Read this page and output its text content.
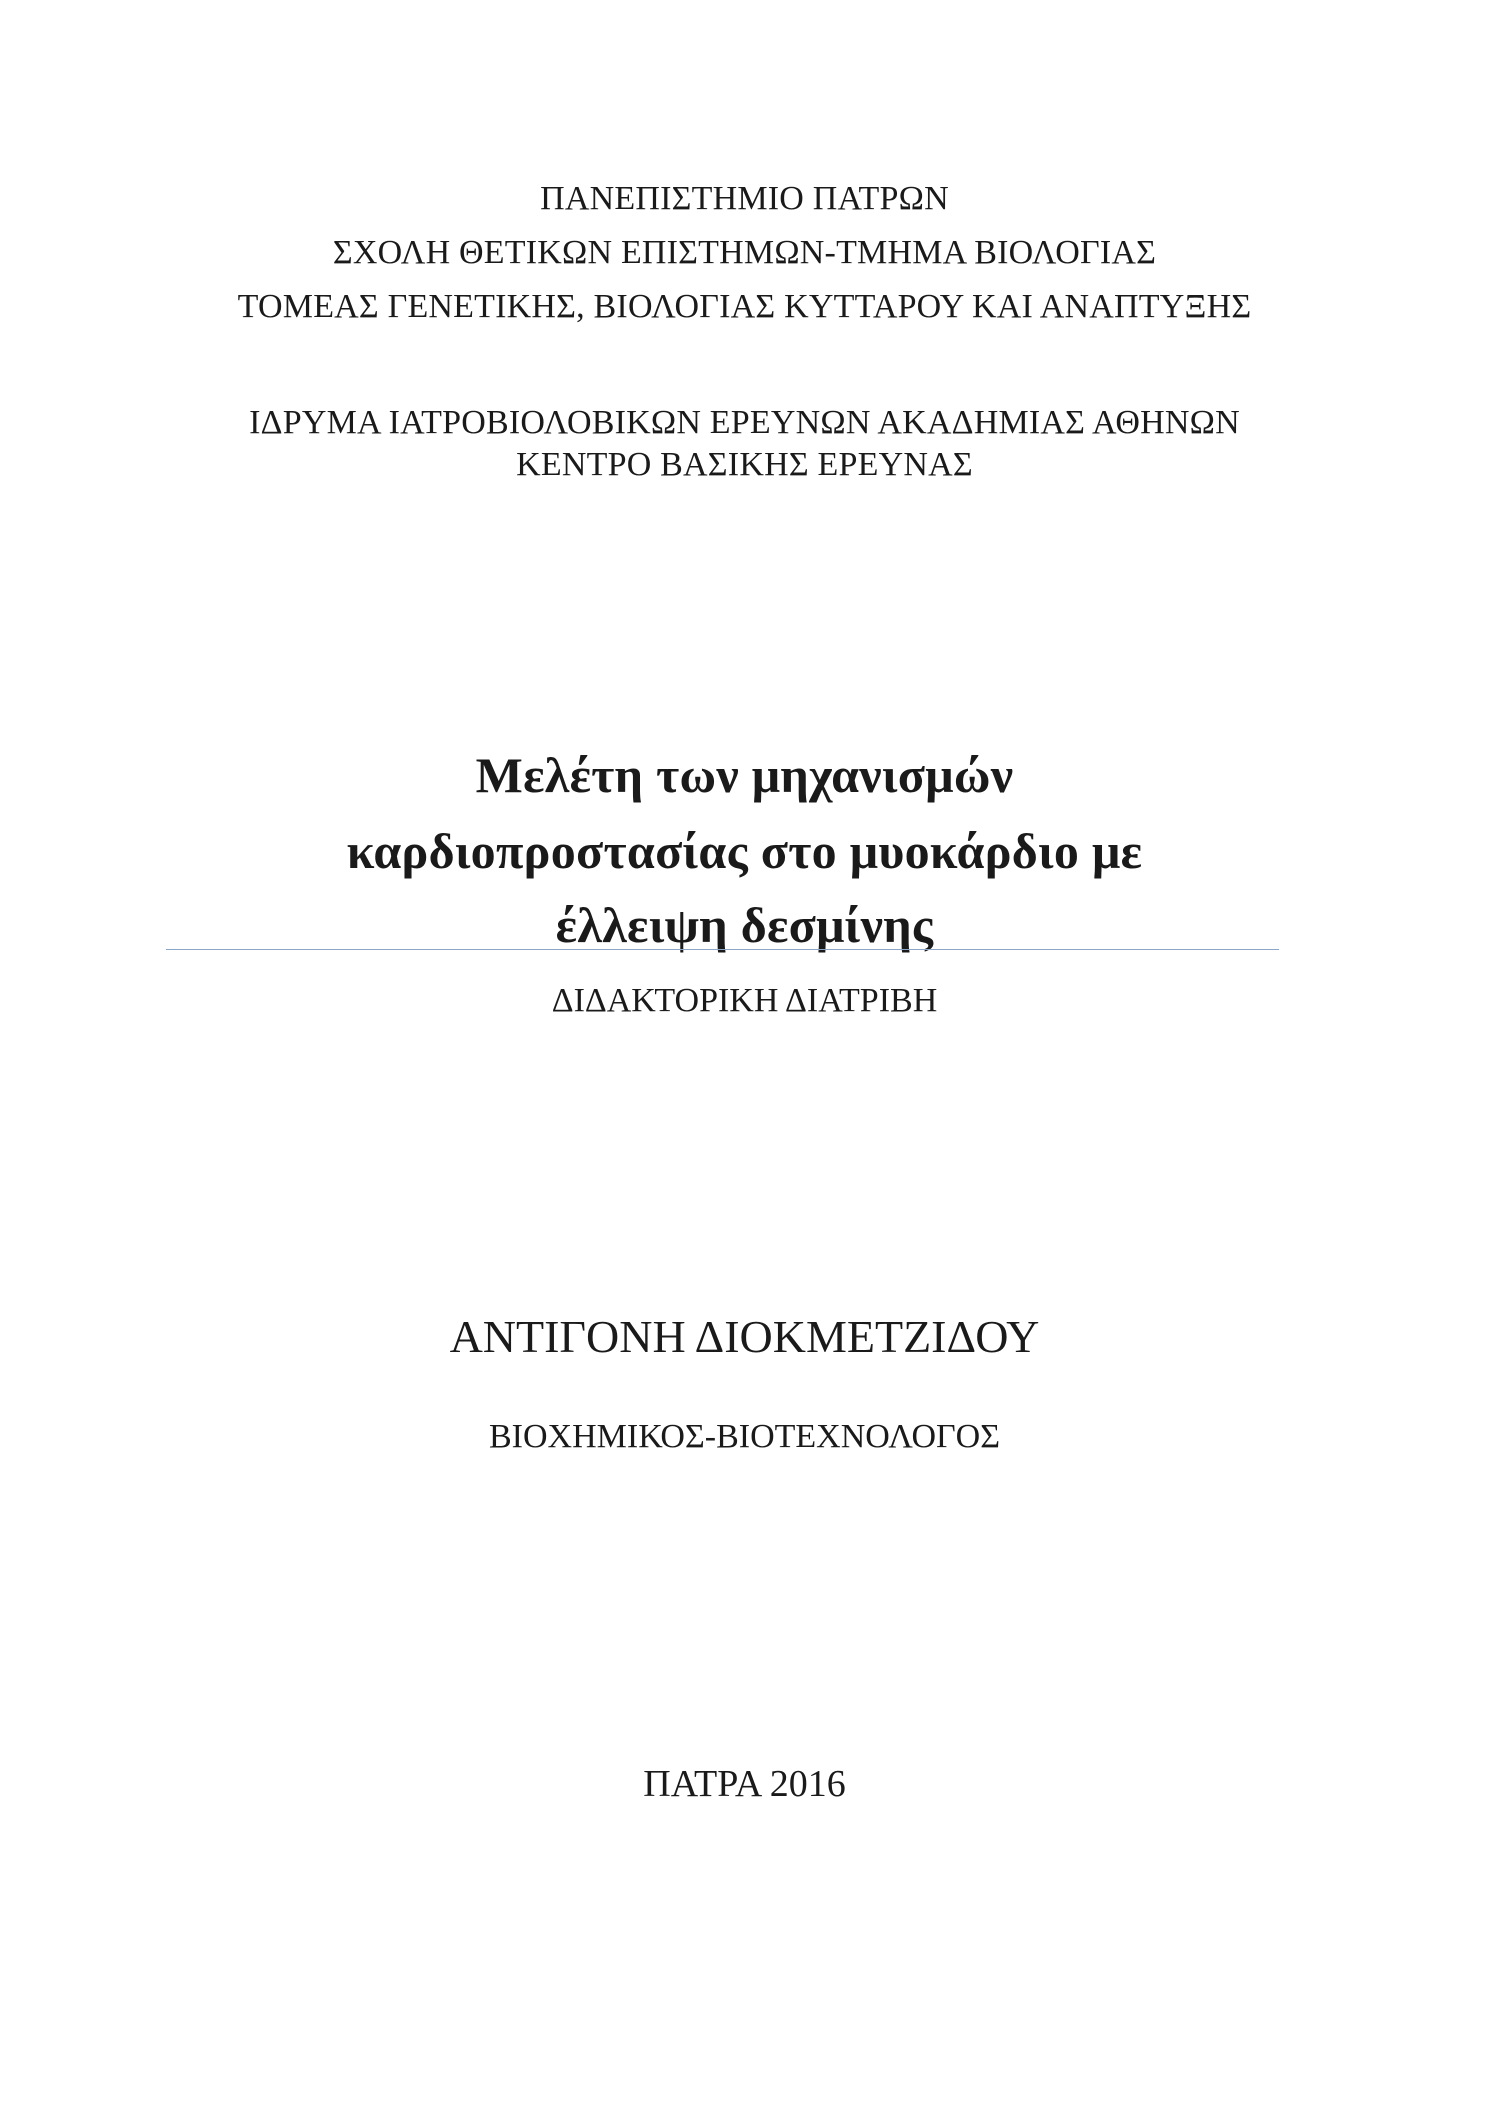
ΠΑΝΕΠΙΣΤΗΜΙΟ ΠΑΤΡΩΝ
ΣΧΟΛΗ ΘΕΤΙΚΩΝ ΕΠΙΣΤΗΜΩΝ-ΤΜΗΜΑ ΒΙΟΛΟΓΙΑΣ
ΤΟΜΕΑΣ ΓΕΝΕΤΙΚΗΣ, ΒΙΟΛΟΓΙΑΣ ΚΥΤΤΑΡΟΥ ΚΑΙ ΑΝΑΠΤΥΞΗΣ
ΙΔΡΥΜΑ ΙΑΤΡΟΒΙΟΛΟΒΙΚΩΝ ΕΡΕΥΝΩΝ ΑΚΑΔΗΜΙΑΣ ΑΘΗΝΩΝ
ΚΕΝΤΡΟ ΒΑΣΙΚΗΣ ΕΡΕΥΝΑΣ
Μελέτη των μηχανισμών
καρδιοπροστασίας στο μυοκάρδιο με
έλλειψη δεσμίνης
ΔΙΔΑΚΤΟΡΙΚΗ ΔΙΑΤΡΙΒΗ
ΑΝΤΙΓΟΝΗ ΔΙΟΚΜΕΤΖΙΔΟΥ
ΒΙΟΧΗΜΙΚΟΣ-ΒΙΟΤΕΧΝΟΛΟΓΟΣ
ΠΑΤΡΑ 2016
